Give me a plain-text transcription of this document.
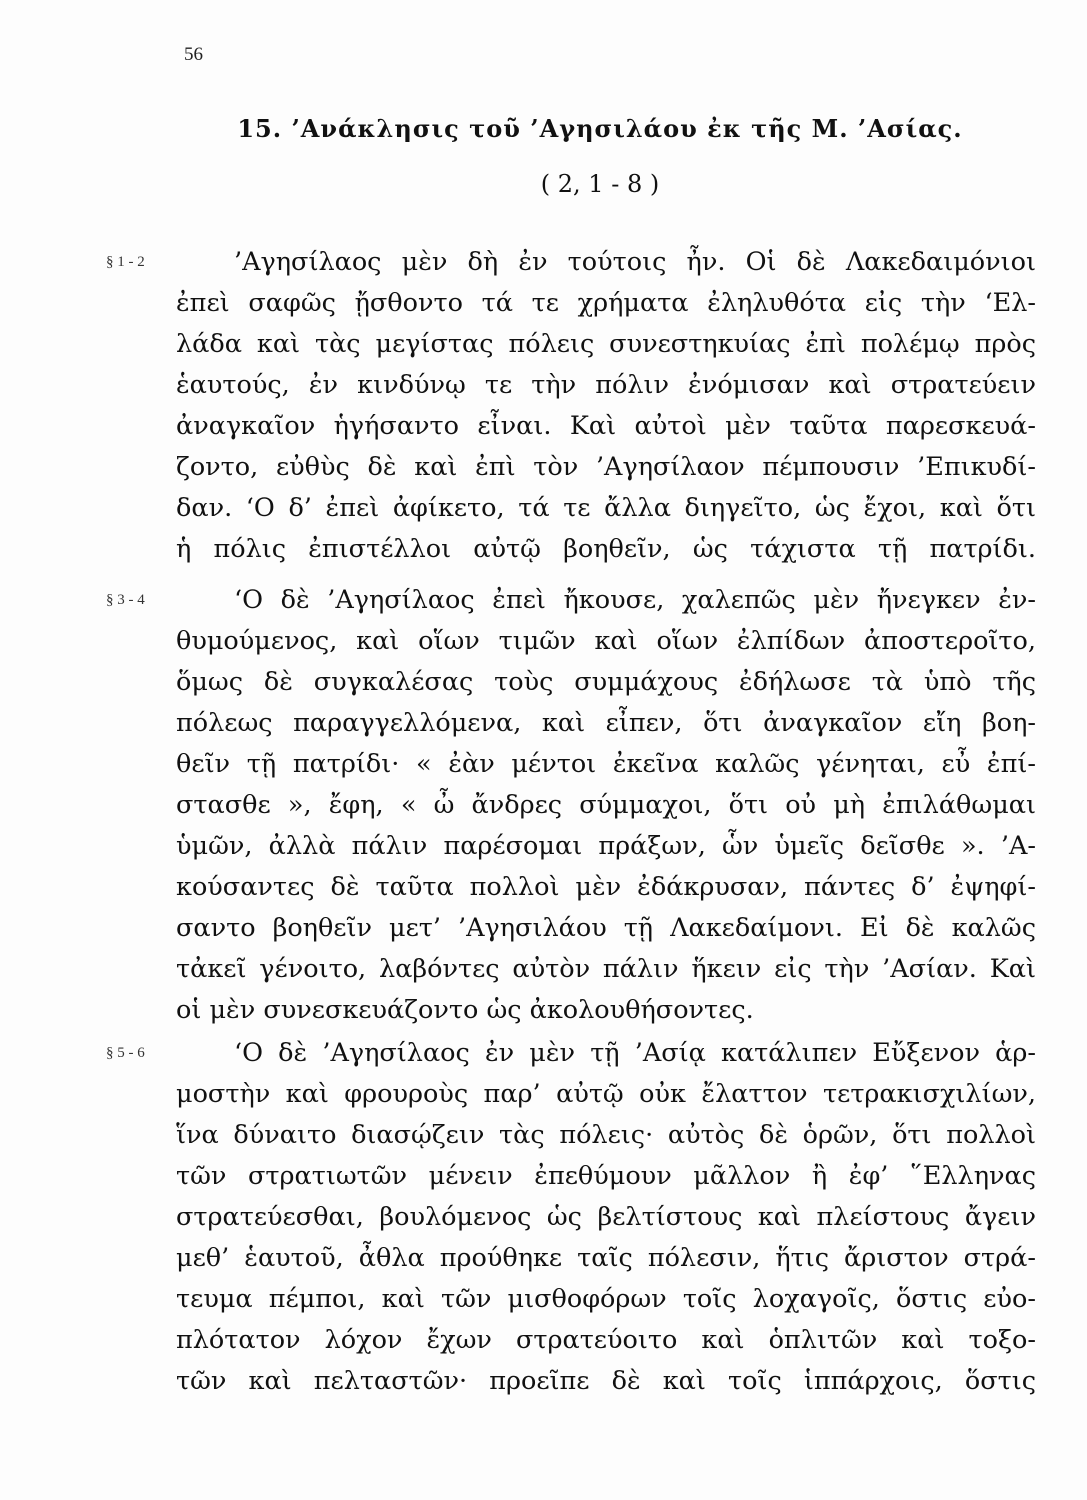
56
15. ’Ανάκλησις τοῦ ’Αγησιλάου ἐκ τῆς Μ. ’Ασίας.
( 2, 1 - 8 )
§ 1 - 2	’Αγησίλαος μὲν δὴ ἐν τούτοις ἦν. Οἱ δὲ Λακεδαιμόνιοι
ἐπεὶ σαφῶς ᾔσθοντο τά τε χρήματα ἐληλυθότα εἰς τὴν ‘Ελ-
λάδα καὶ τὰς μεγίστας πόλεις συνεστηκυίας ἐπὶ πολέμῳ πρὸς
ἑαυτούς, ἐν κινδύνῳ τε τὴν πόλιν ἐνόμισαν καὶ στρατεύειν
ἀναγκαῖον ἡγήσαντο εἶναι. Καὶ αὐτοὶ μὲν ταῦτα παρεσκευά-
ζοντο, εὐθὺς δὲ καὶ ἐπὶ τὸν ’Αγησίλαον πέμπουσιν ’Επικυδί-
δαν. ‘Ο δ’ ἐπεὶ ἀφίκετο, τά τε ἄλλα διηγεῖτο, ὡς ἔχοι, καὶ ὅτι
ἡ πόλις ἐπιστέλλοι αὐτῷ βοηθεῖν, ὡς τάχιστα τῇ πατρίδι.
§ 3 - 4	‘Ο δὲ ’Αγησίλαος ἐπεὶ ἤκουσε, χαλεπῶς μὲν ἤνεγκεν ἐν-
θυμούμενος, καὶ οἵων τιμῶν καὶ οἵων ἐλπίδων ἀποστεροῖτο,
ὅμως δὲ συγκαλέσας τοὺς συμμάχους ἐδήλωσε τὰ ὑπὸ τῆς
πόλεως παραγγελλόμενα, καὶ εἶπεν, ὅτι ἀναγκαῖον εἴη βοη-
θεῖν τῇ πατρίδι· « ἐὰν μέντοι ἐκεῖνα καλῶς γένηται, εὖ ἐπί-
στασθε », ἔφη, « ὦ ἄνδρες σύμμαχοι, ὅτι οὐ μὴ ἐπιλάθωμαι
ὑμῶν, ἀλλὰ πάλιν παρέσομαι πράξων, ὧν ὑμεῖς δεῖσθε ». ’Α-
κούσαντες δὲ ταῦτα πολλοὶ μὲν ἐδάκρυσαν, πάντες δ’ ἐψηφί-
σαντο βοηθεῖν μετ’ ’Αγησιλάου τῇ Λακεδαίμονι. Εἰ δὲ καλῶς
τἀκεῖ γένοιτο, λαβόντες αὐτὸν πάλιν ἥκειν εἰς τὴν ’Ασίαν. Καὶ
οἱ μὲν συνεσκευάζοντο ὡς ἀκολουθήσοντες.
§ 5 - 6	‘Ο δὲ ’Αγησίλαος ἐν μὲν τῇ ’Ασίᾳ κατάλιπεν Εὔξενον ἁρ-
μοστὴν καὶ φρουροὺς παρ’ αὐτῷ οὐκ ἔλαττον τετρακισχιλίων,
ἵνα δύναιτο διασῴζειν τὰς πόλεις· αὐτὸς δὲ ὁρῶν, ὅτι πολλοὶ
τῶν στρατιωτῶν μένειν ἐπεθύμουν μᾶλλον ἢ ἐφ’ ῞Ελληνας
στρατεύεσθαι, βουλόμενος ὡς βελτίστους καὶ πλείστους ἄγειν
μεθ’ ἑαυτοῦ, ἆθλα προύθηκε ταῖς πόλεσιν, ἥτις ἄριστον στρά-
τευμα πέμποι, καὶ τῶν μισθοφόρων τοῖς λοχαγοῖς, ὅστις εὐο-
πλότατον λόχον ἔχων στρατεύοιτο καὶ ὁπλιτῶν καὶ τοξο-
τῶν καὶ πελταστῶν· προεῖπε δὲ καὶ τοῖς ἱππάρχοις, ὅστις
